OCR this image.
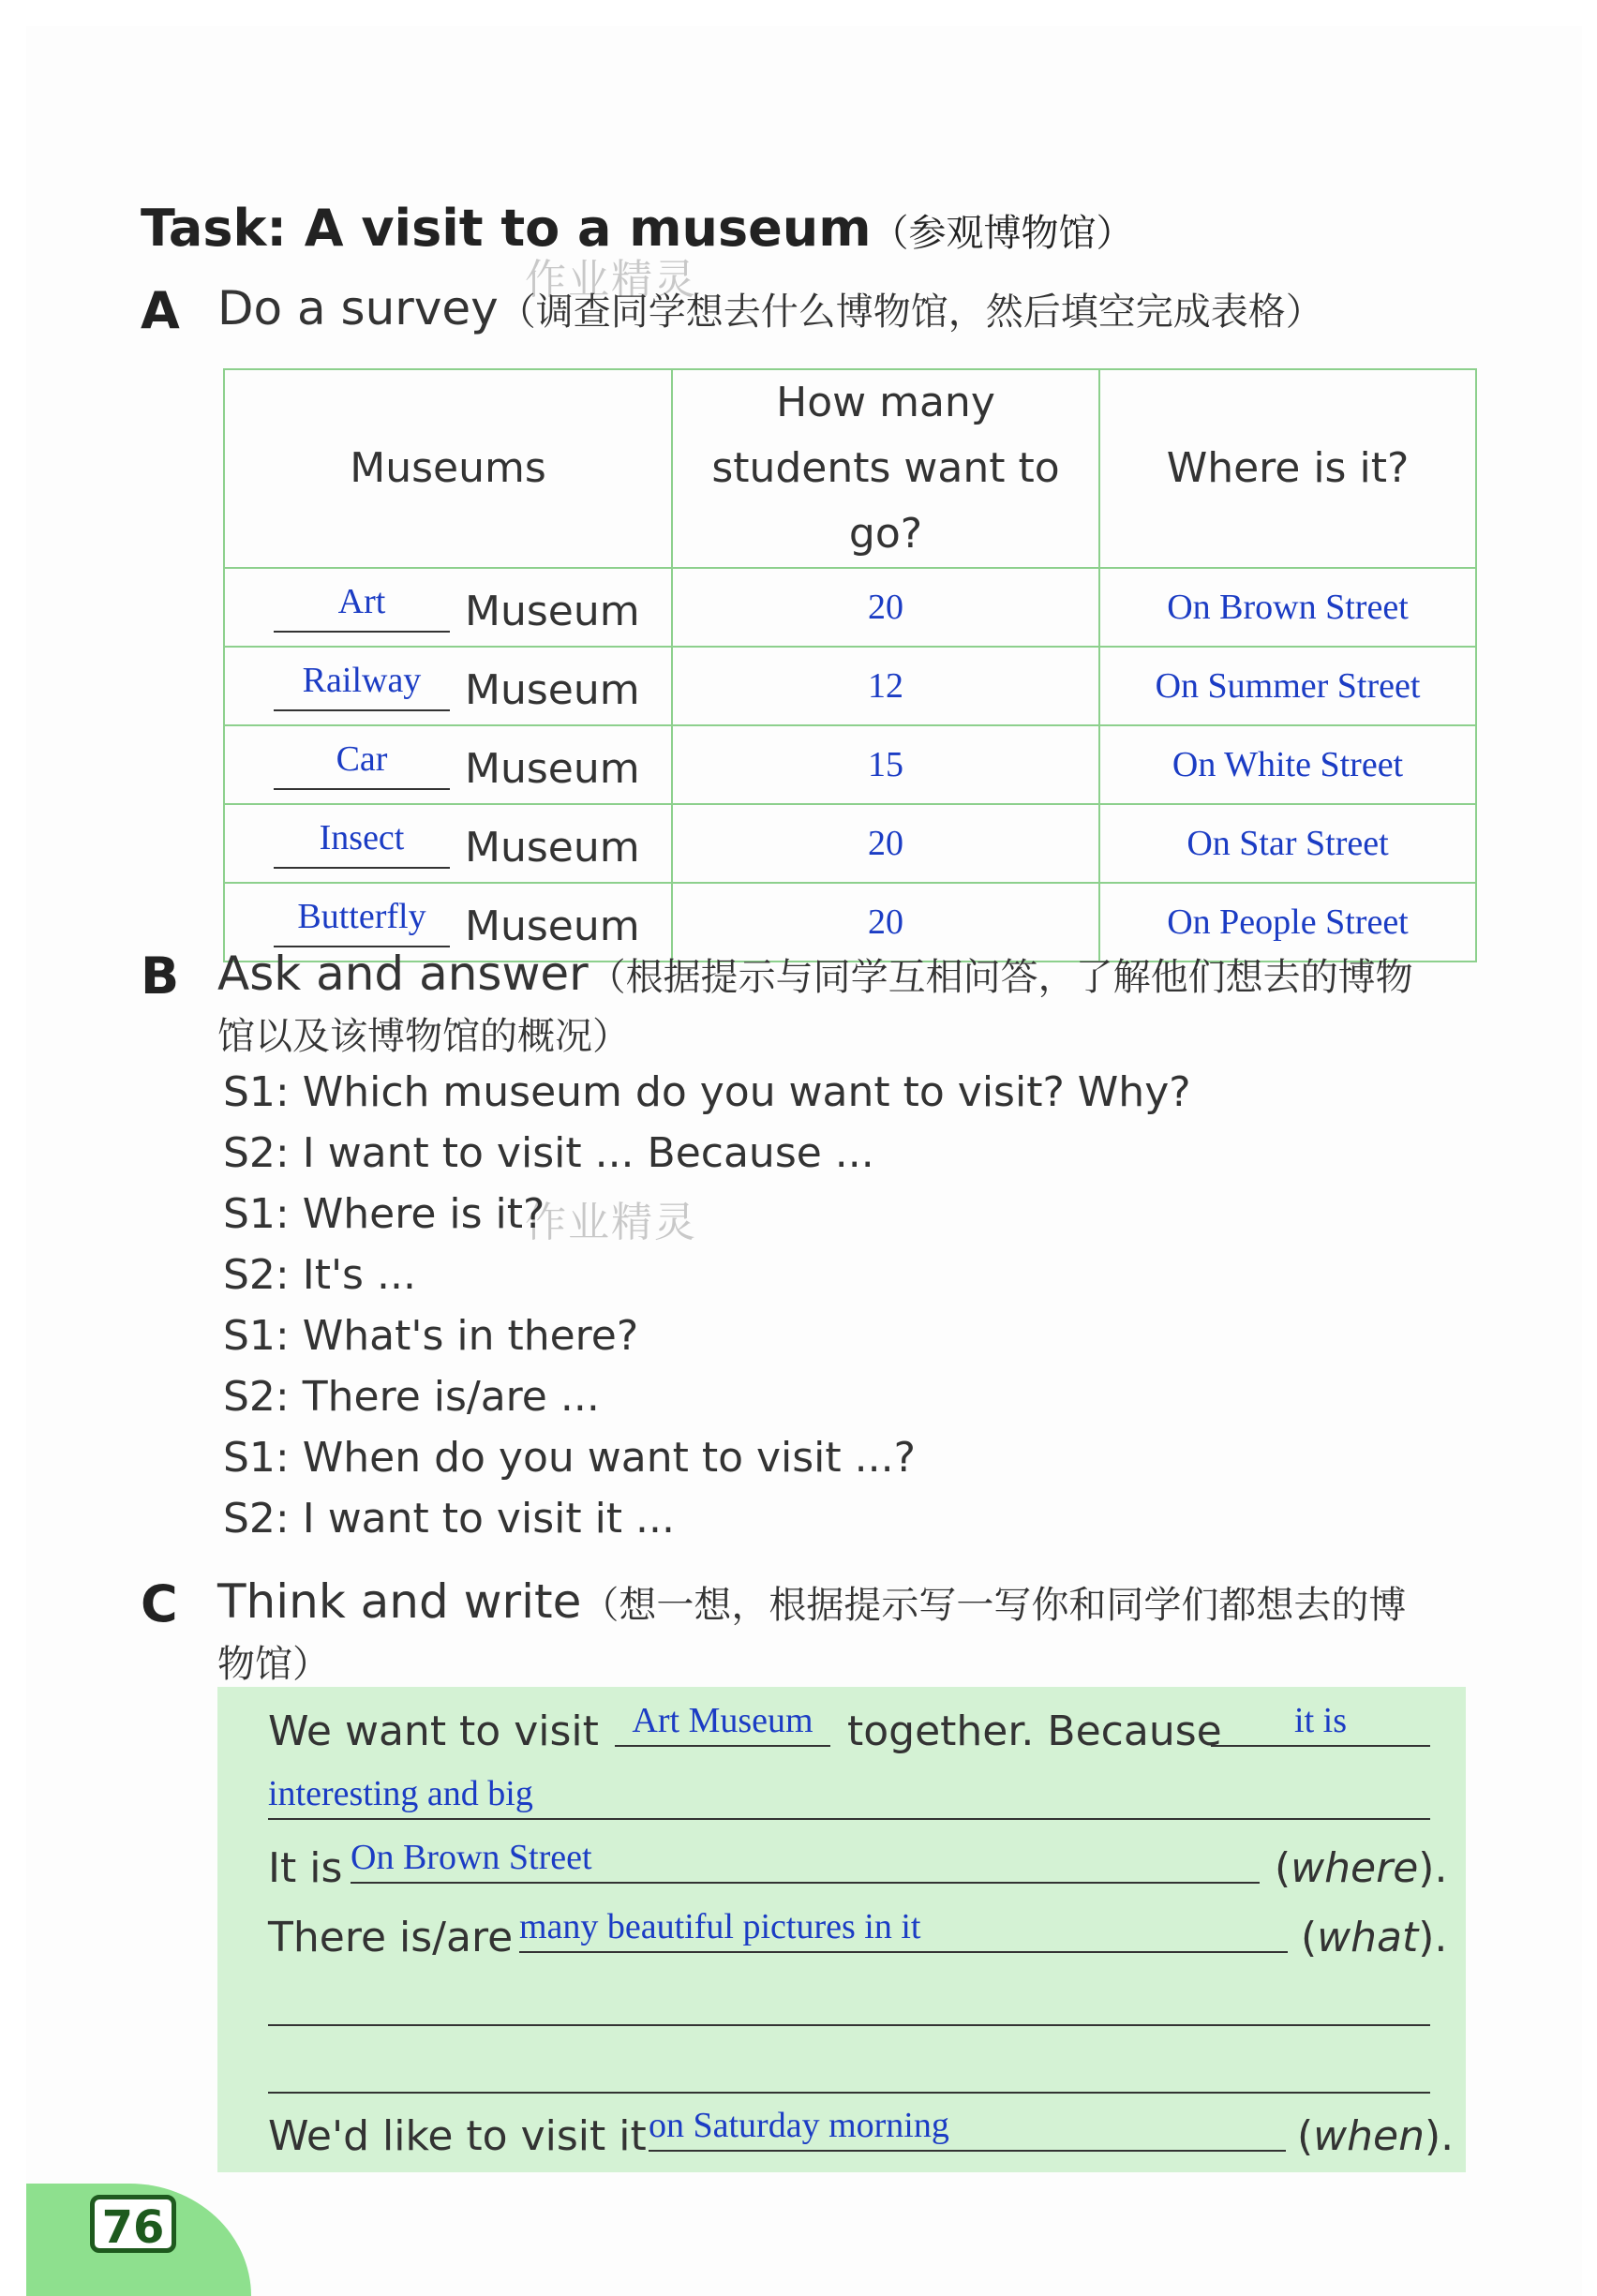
作业精灵
作业精灵
Task: A visit to a museum（参观博物馆）
A Do a survey（调查同学想去什么博物馆，然后填空完成表格）
Museums	How many students want to go?	Where is it?

Art Museum	20	On Brown Street

Railway Museum	12	On Summer Street

Car Museum	15	On White Street

Insect Museum	20	On Star Street

Butterfly Museum	20	On People Street
B Ask and answer（根据提示与同学互相问答，了解他们想去的博物
馆以及该博物馆的概况）
S1: Which museum do you want to visit? Why?
S2: I want to visit ... Because ...
S1: Where is it?
S2: It's ...
S1: What's in there?
S2: There is/are ...
S1: When do you want to visit ...?
S2: I want to visit it ...
C Think and write（想一想，根据提示写一写你和同学们都想去的博
物馆）
We want to visit Art Museum together. Because	it is
interesting and big
It is On Brown Street	(where).
There is/are many beautiful pictures in it	(what).
We'd like to visit it on Saturday morning	(when).
76
